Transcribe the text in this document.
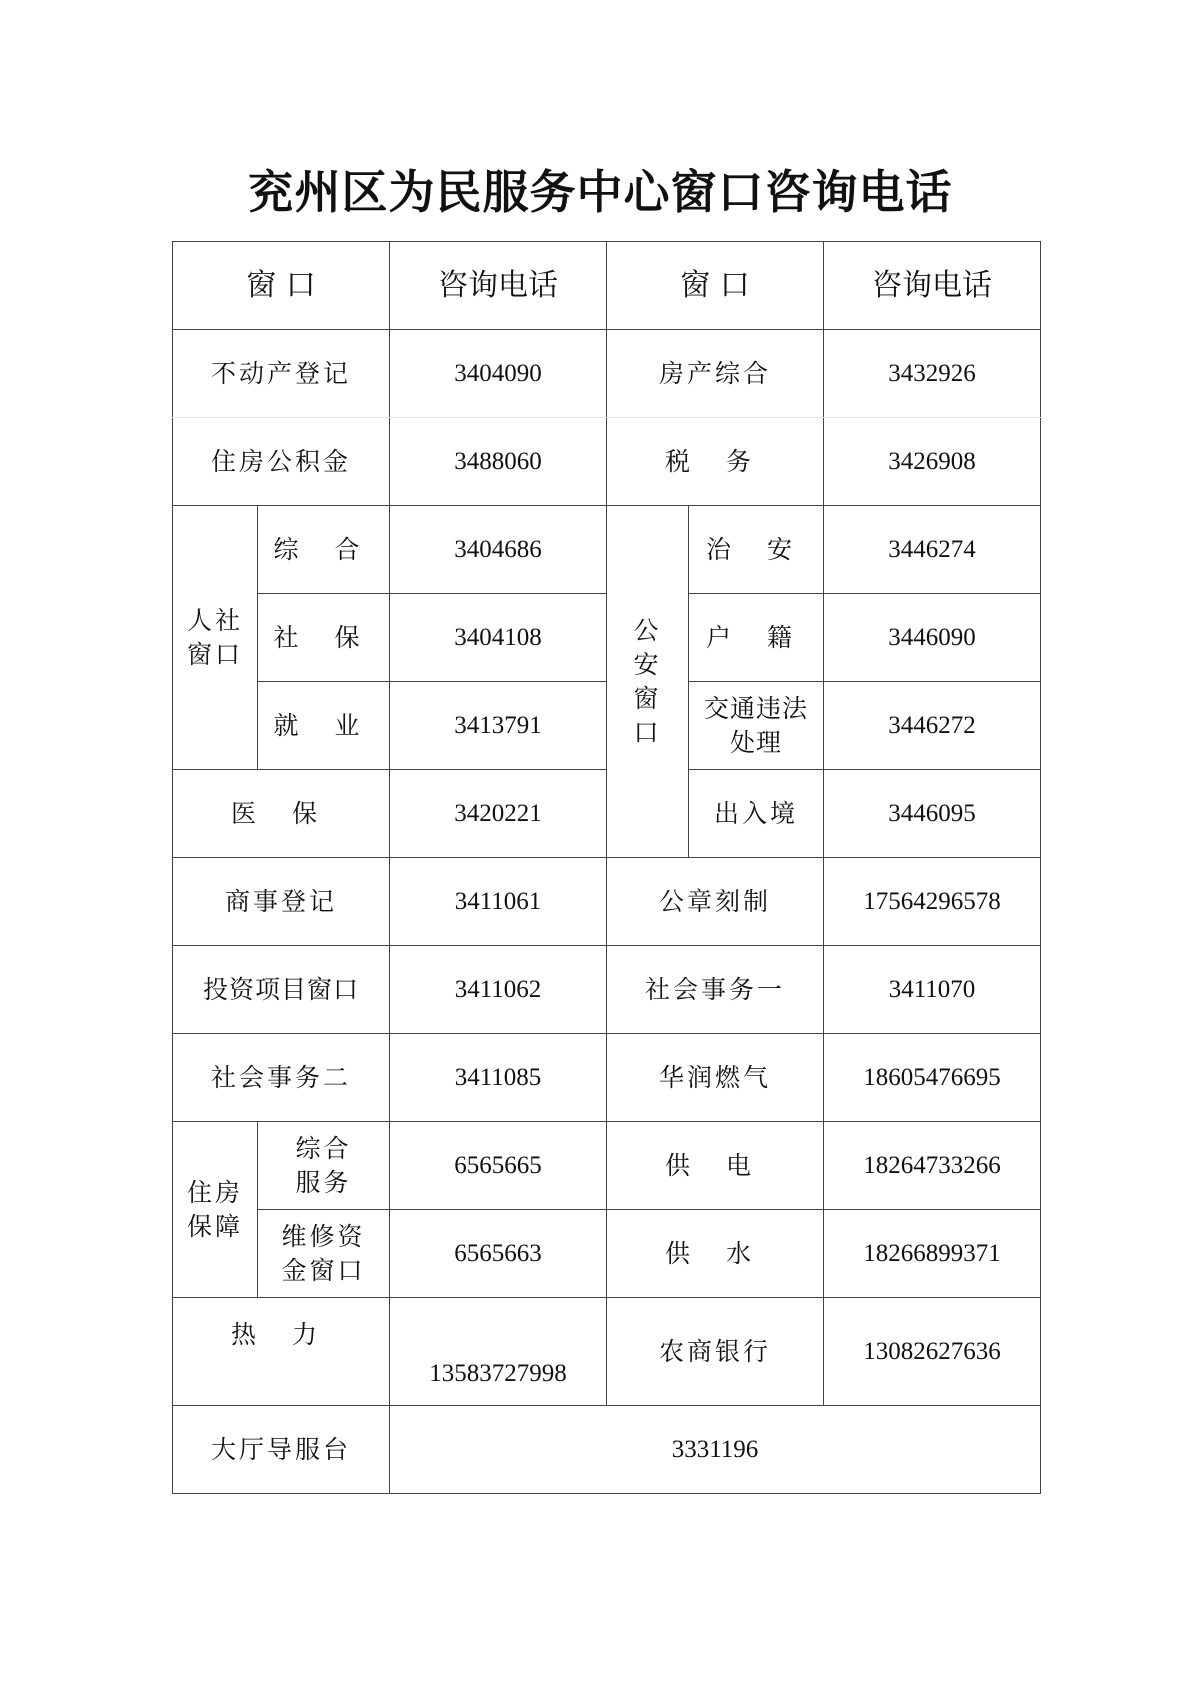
兖州区为民服务中心窗口咨询电话
窗 口		咨询电话	窗 口		咨询电话
不动产登记		3404090	房产综合		3432926
住房公积金		3488060	税 务		3426908
人社窗口	综 合	3404686	公安窗口	治 安	3446274
	社 保	3404108		户 籍	3446090
	就 业	3413791		交通违法处理	3446272
医 保		3420221		出入境	3446095
商事登记		3411061	公章刻制		17564296578
投资项目窗口		3411062	社会事务一		3411070
社会事务二		3411085	华润燃气		18605476695
住房保障	综合服务	6565665	供 电		18264733266
	维修资金窗口	6565663	供 水		18266899371
热 力		13583727998	农商银行		13082627636
大厅导服台		3331196			
